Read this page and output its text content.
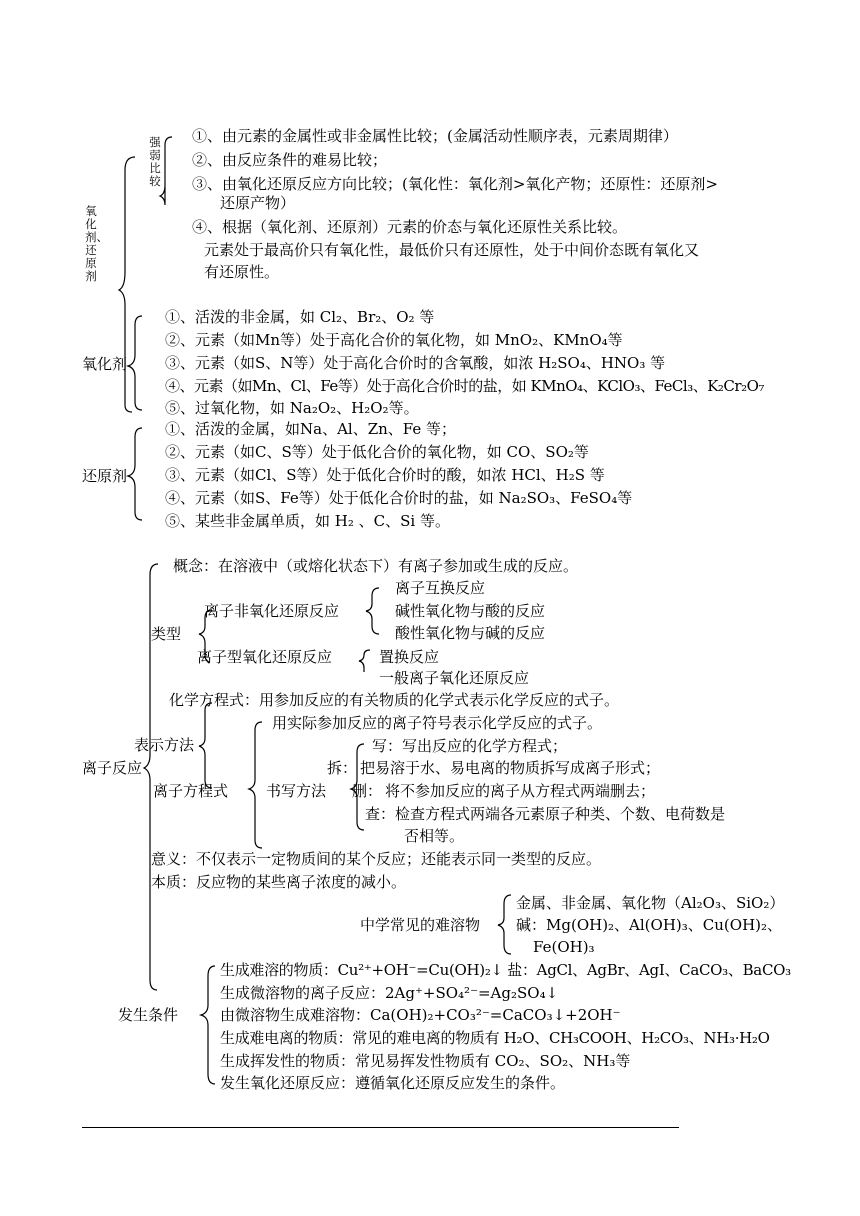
氧化剂、还原剂
强弱比较
①、由元素的金属性或非金属性比较；(金属活动性顺序表，元素周期律）
②、由反应条件的难易比较；
③、由氧化还原反应方向比较；(氧化性：氧化剂>氧化产物；还原性：还原剂>
还原产物）
④、根据（氧化剂、还原剂）元素的价态与氧化还原性关系比较。
元素处于最高价只有氧化性，最低价只有还原性，处于中间价态既有氧化又
有还原性。
氧化剂
①、活泼的非金属，如 Cl₂、Br₂、O₂ 等
②、元素（如Mn等）处于高化合价的氧化物，如 MnO₂、KMnO₄等
③、元素（如S、N等）处于高化合价时的含氧酸，如浓 H₂SO₄、HNO₃ 等
④、元素（如Mn、Cl、Fe等）处于高化合价时的盐，如 KMnO₄、KClO₃、FeCl₃、K₂Cr₂O₇
⑤、过氧化物，如 Na₂O₂、H₂O₂等。
还原剂
①、活泼的金属，如Na、Al、Zn、Fe 等；
②、元素（如C、S等）处于低化合价的氧化物，如 CO、SO₂等
③、元素（如Cl、S等）处于低化合价时的酸，如浓 HCl、H₂S 等
④、元素（如S、Fe等）处于低化合价时的盐，如 Na₂SO₃、FeSO₄等
⑤、某些非金属单质，如 H₂ 、C、Si 等。
离子反应
概念：在溶液中（或熔化状态下）有离子参加或生成的反应。
类型
离子非氧化还原反应
离子互换反应
碱性氧化物与酸的反应
酸性氧化物与碱的反应
离子型氧化还原反应	置换反应
一般离子氧化还原反应
化学方程式：用参加反应的有关物质的化学式表示化学反应的式子。
表示方法
用实际参加反应的离子符号表示化学反应的式子。
离子方程式	书写方法
写：写出反应的化学方程式；
拆： 把易溶于水、易电离的物质拆写成离子形式；
删： 将不参加反应的离子从方程式两端删去；
查：检查方程式两端各元素原子种类、个数、电荷数是
否相等。
意义：不仅表示一定物质间的某个反应；还能表示同一类型的反应。
本质：反应物的某些离子浓度的减小。
中学常见的难溶物
金属、非金属、氧化物（Al₂O₃、SiO₂）
碱：Mg(OH)₂、Al(OH)₃、Cu(OH)₂、
Fe(OH)₃
发生条件
生成难溶的物质：Cu²⁺+OH⁻=Cu(OH)₂↓ 盐：AgCl、AgBr、AgI、CaCO₃、BaCO₃
生成微溶物的离子反应：2Ag⁺+SO₄²⁻=Ag₂SO₄↓
由微溶物生成难溶物：Ca(OH)₂+CO₃²⁻=CaCO₃↓+2OH⁻
生成难电离的物质：常见的难电离的物质有 H₂O、CH₃COOH、H₂CO₃、NH₃·H₂O
生成挥发性的物质：常见易挥发性物质有 CO₂、SO₂、NH₃等
发生氧化还原反应：遵循氧化还原反应发生的条件。
